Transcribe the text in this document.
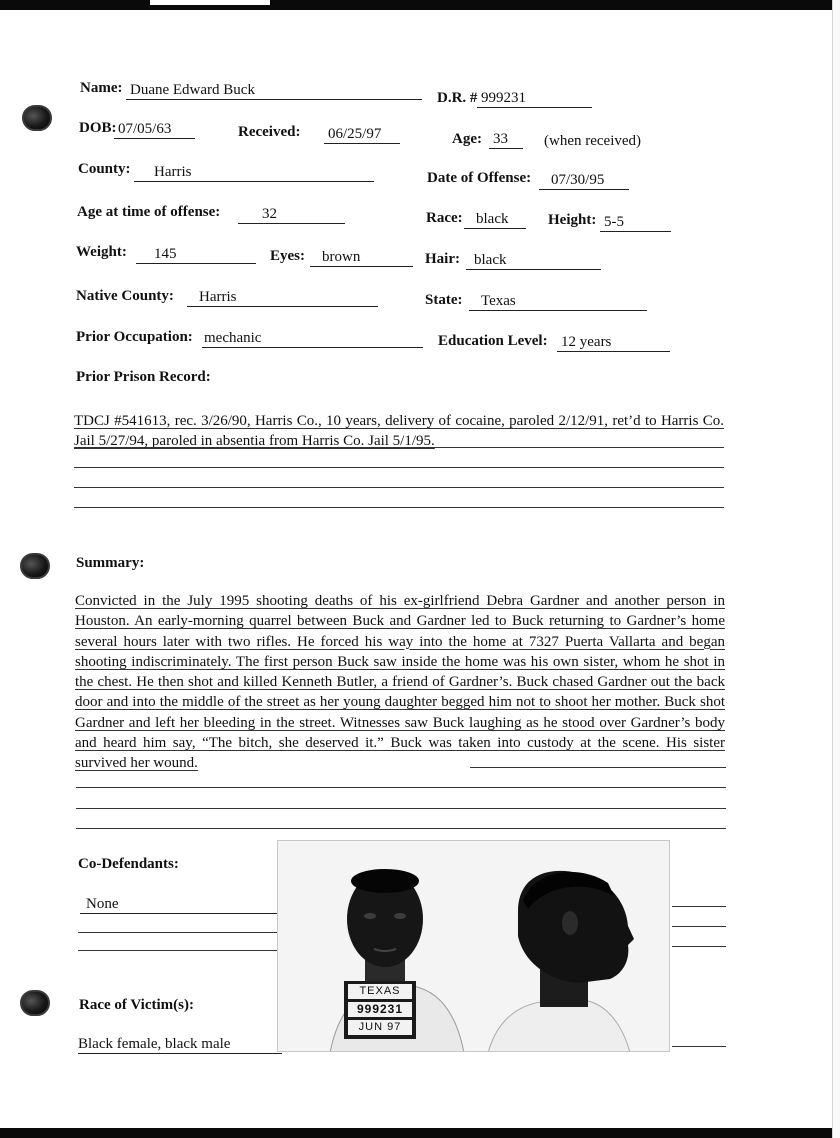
Name: Duane Edward Buck	D.R. # 999231
DOB: 07/05/63	Received: 06/25/97	Age: 33	(when received)
County:	Harris	Date of Offense:	07/30/95
Age at time of offense:	32	Race: black	Height: 5-5
Weight:	145	Eyes:	brown	Hair: black
Native County:	Harris	State:	Texas
Prior Occupation: mechanic	Education Level: 12 years
Prior Prison Record:
TDCJ #541613, rec. 3/26/90, Harris Co., 10 years, delivery of cocaine, paroled 2/12/91, ret’d to Harris Co. Jail 5/27/94, paroled in absentia from Harris Co. Jail 5/1/95.
Summary:
Convicted in the July 1995 shooting deaths of his ex-girlfriend Debra Gardner and another person in Houston. An early-morning quarrel between Buck and Gardner led to Buck returning to Gardner’s home several hours later with two rifles. He forced his way into the home at 7327 Puerta Vallarta and began shooting indiscriminately. The first person Buck saw inside the home was his own sister, whom he shot in the chest. He then shot and killed Kenneth Butler, a friend of Gardner’s. Buck chased Gardner out the back door and into the middle of the street as her young daughter begged him not to shoot her mother. Buck shot Gardner and left her bleeding in the street. Witnesses saw Buck laughing as he stood over Gardner’s body and heard him say, “The bitch, she deserved it.” Buck was taken into custody at the scene. His sister survived her wound.
Co-Defendants:
None
Race of Victim(s):
Black female, black male
TEXAS
999231
JUN 97
